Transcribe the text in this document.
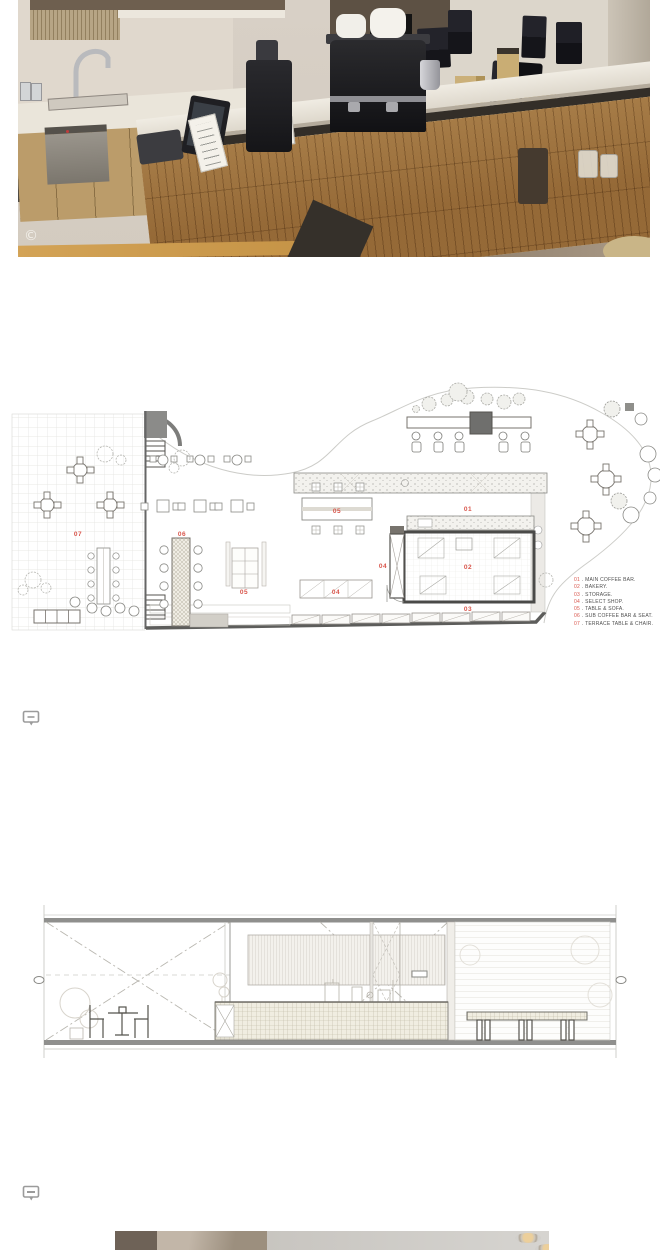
©
07	06
05
05
01
04
04
02
03
01 . MAIN COFFEE BAR.
02 . BAKERY.
03 . STORAGE.
04 . SELECT SHOP.
05 . TABLE & SOFA.
06 . SUB COFFEE BAR & SEAT.
07 . TERRACE TABLE & CHAIR.
